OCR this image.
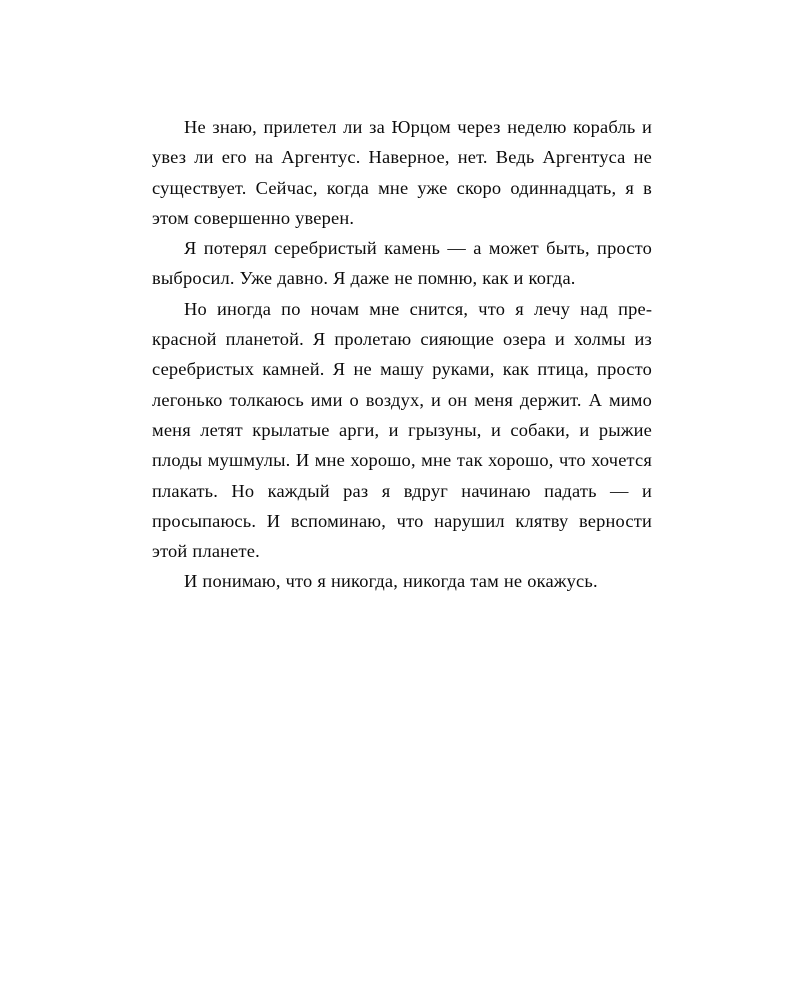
Не знаю, прилетел ли за Юрцом через неделю корабль и увез ли его на Аргентус. Наверное, нет. Ведь Аргентуса не существует. Сейчас, когда мне уже скоро одиннадцать, я в этом совершенно уверен.

Я потерял серебристый камень — а может быть, просто выбросил. Уже давно. Я даже не помню, как и когда.

Но иногда по ночам мне снится, что я лечу над прекрасной планетой. Я пролетаю сияющие озера и холмы из серебристых камней. Я не машу руками, как птица, просто легонько толкаюсь ими о воздух, и он меня держит. А мимо меня летят крылатые арги, и грызуны, и собаки, и рыжие плоды мушмулы. И мне хорошо, мне так хорошо, что хочется плакать. Но каждый раз я вдруг начинаю падать — и просыпаюсь. И вспоминаю, что нарушил клятву верности этой планете.

И понимаю, что я никогда, никогда там не окажусь.
